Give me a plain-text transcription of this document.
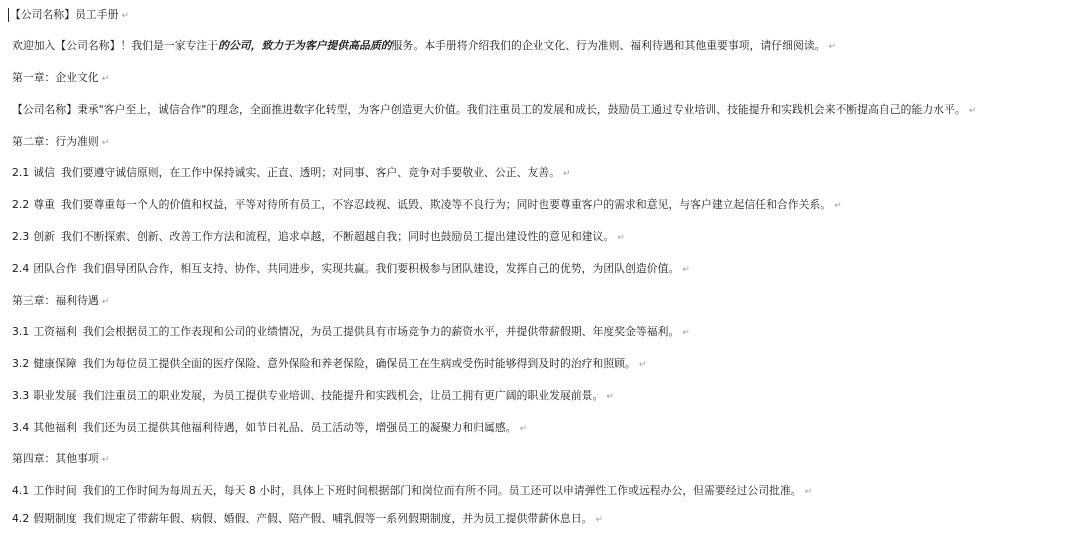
【公司名称】员工手册 ↵
欢迎加入【公司名称】！我们是一家专注于的公司，致力于为客户提供高品质的服务。本手册将介绍我们的企业文化、行为准则、福利待遇和其他重要事项，请仔细阅读。 ↵
第一章：企业文化 ↵
【公司名称】秉承"客户至上，诚信合作"的理念，全面推进数字化转型，为客户创造更大价值。我们注重员工的发展和成长，鼓励员工通过专业培训、技能提升和实践机会来不断提高自己的能力水平。 ↵
第二章：行为准则 ↵
2.1 诚信 我们要遵守诚信原则，在工作中保持诚实、正直、透明；对同事、客户、竞争对手要敬业、公正、友善。 ↵
2.2 尊重 我们要尊重每一个人的价值和权益，平等对待所有员工，不容忍歧视、诋毁、欺凌等不良行为；同时也要尊重客户的需求和意见，与客户建立起信任和合作关系。 ↵
2.3 创新 我们不断探索、创新、改善工作方法和流程，追求卓越，不断超越自我；同时也鼓励员工提出建设性的意见和建议。 ↵
2.4 团队合作 我们倡导团队合作，相互支持、协作、共同进步，实现共赢。我们要积极参与团队建设，发挥自己的优势，为团队创造价值。 ↵
第三章：福利待遇 ↵
3.1 工资福利 我们会根据员工的工作表现和公司的业绩情况，为员工提供具有市场竞争力的薪资水平，并提供带薪假期、年度奖金等福利。 ↵
3.2 健康保障 我们为每位员工提供全面的医疗保险、意外保险和养老保险，确保员工在生病或受伤时能够得到及时的治疗和照顾。 ↵
3.3 职业发展 我们注重员工的职业发展，为员工提供专业培训、技能提升和实践机会，让员工拥有更广阔的职业发展前景。 ↵
3.4 其他福利 我们还为员工提供其他福利待遇，如节日礼品、员工活动等，增强员工的凝聚力和归属感。 ↵
第四章：其他事项 ↵
4.1 工作时间 我们的工作时间为每周五天，每天 8 小时，具体上下班时间根据部门和岗位而有所不同。员工还可以申请弹性工作或远程办公，但需要经过公司批准。 ↵
4.2 假期制度 我们规定了带薪年假、病假、婚假、产假、陪产假、哺乳假等一系列假期制度，并为员工提供带薪休息日。 ↵
